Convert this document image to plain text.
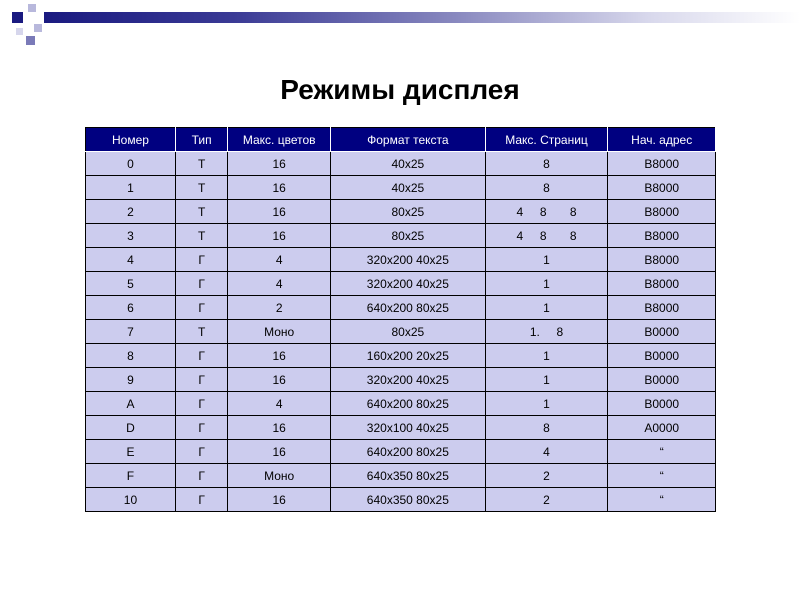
Режимы дисплея
Номер	Тип	Макс. цветов	Формат текста	Макс. Страниц	Нач. адрес
0	Т	16	40x25	8	B8000
1	Т	16	40x25	8	B8000
2	Т	16	80x25	4     8       8	B8000
3	Т	16	80x25	4     8       8	B8000
4	Г	4	320x200 40x25	1	B8000
5	Г	4	320x200 40x25	1	B8000
6	Г	2	640x200 80x25	1	B8000
7	Т	Моно	80x25	1.     8	B0000
8	Г	16	160x200 20x25	1	B0000
9	Г	16	320x200 40x25	1	B0000
A	Г	4	640x200 80x25	1	B0000
D	Г	16	320x100 40x25	8	A0000
E	Г	16	640x200 80x25	4	“
F	Г	Моно	640x350 80x25	2	“
10	Г	16	640x350 80x25	2	“
